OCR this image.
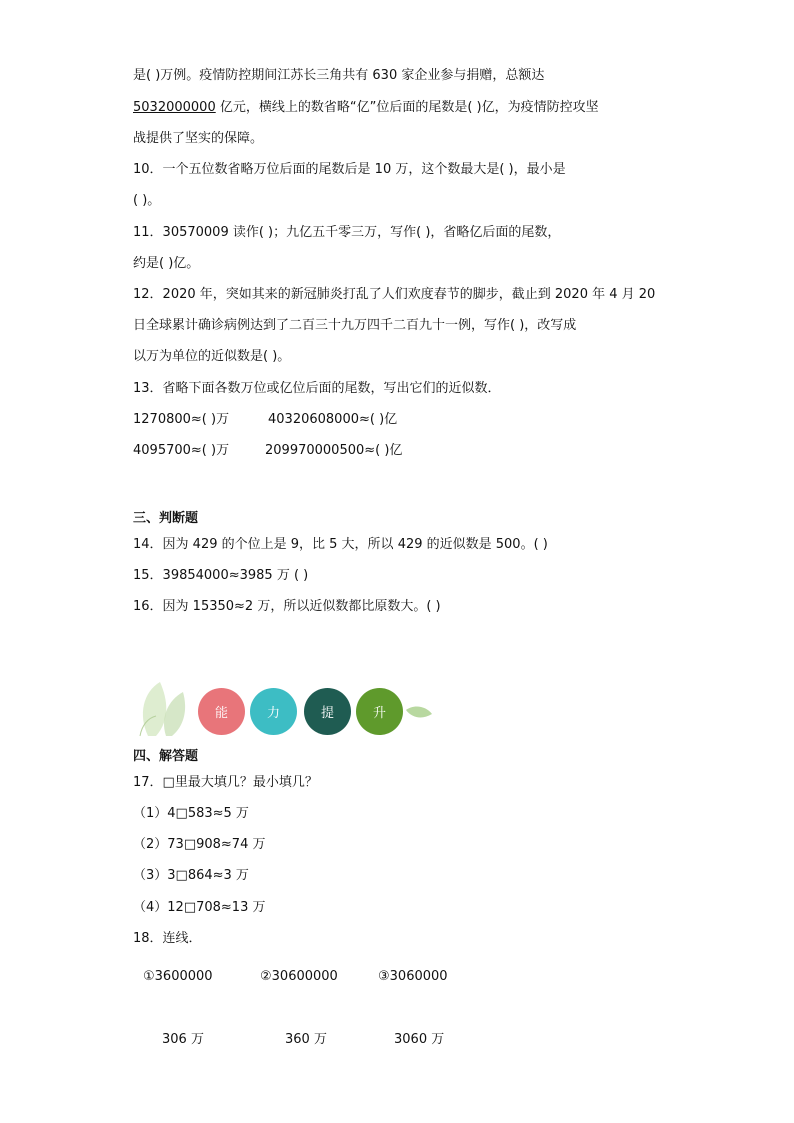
是( )万例。疫情防控期间江苏长三角共有 630 家企业参与捐赠，总额达
5032000000 亿元，横线上的数省略“亿”位后面的尾数是( )亿，为疫情防控攻坚
战提供了坚实的保障。
10．一个五位数省略万位后面的尾数后是 10 万，这个数最大是( )，最小是
( )。
11．30570009 读作( )；九亿五千零三万，写作( )，省略亿后面的尾数，
约是( )亿。
12．2020 年，突如其来的新冠肺炎打乱了人们欢度春节的脚步，截止到 2020 年 4 月 20
日全球累计确诊病例达到了二百三十九万四千二百九十一例，写作( )，改写成
以万为单位的近似数是( )。
13．省略下面各数万位或亿位后面的尾数，写出它们的近似数．
1270800≈( )万	40320608000≈( )亿
4095700≈( )万	209970000500≈( )亿
三、判断题
14．因为 429 的个位上是 9，比 5 大，所以 429 的近似数是 500。( )
15．39854000≈3985 万 ( )
16．因为 15350≈2 万，所以近似数都比原数大。( )
能	力	提	升
四、解答题
17．□里最大填几？最小填几？
（1）4□583≈5 万
（2）73□908≈74 万
（3）3□864≈3 万
（4）12□708≈13 万
18．连线．
①3600000	②30600000	③3060000
306 万	360 万	3060 万
